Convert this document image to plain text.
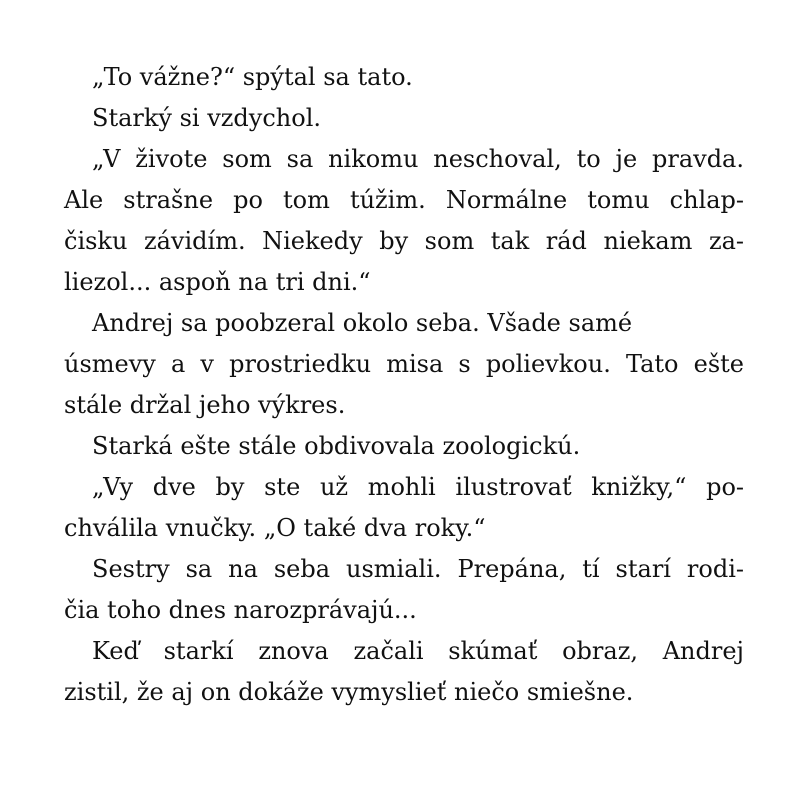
„To vážne?“ spýtal sa tato.
Starký si vzdychol.
„V živote som sa nikomu neschoval, to je pravda.
Ale strašne po tom túžim. Normálne tomu chlap-
čisku závidím. Niekedy by som tak rád niekam za-
liezol... aspoň na tri dni.“
Andrej sa poobzeral okolo seba. Všade samé
úsmevy a v prostriedku misa s polievkou. Tato ešte
stále držal jeho výkres.
Starká ešte stále obdivovala zoologickú.
„Vy dve by ste už mohli ilustrovať knižky,“ po-
chválila vnučky. „O také dva roky.“
Sestry sa na seba usmiali. Prepána, tí starí rodi-
čia toho dnes narozprávajú...
Keď starkí znova začali skúmať obraz, Andrej
zistil, že aj on dokáže vymyslieť niečo smiešne.
